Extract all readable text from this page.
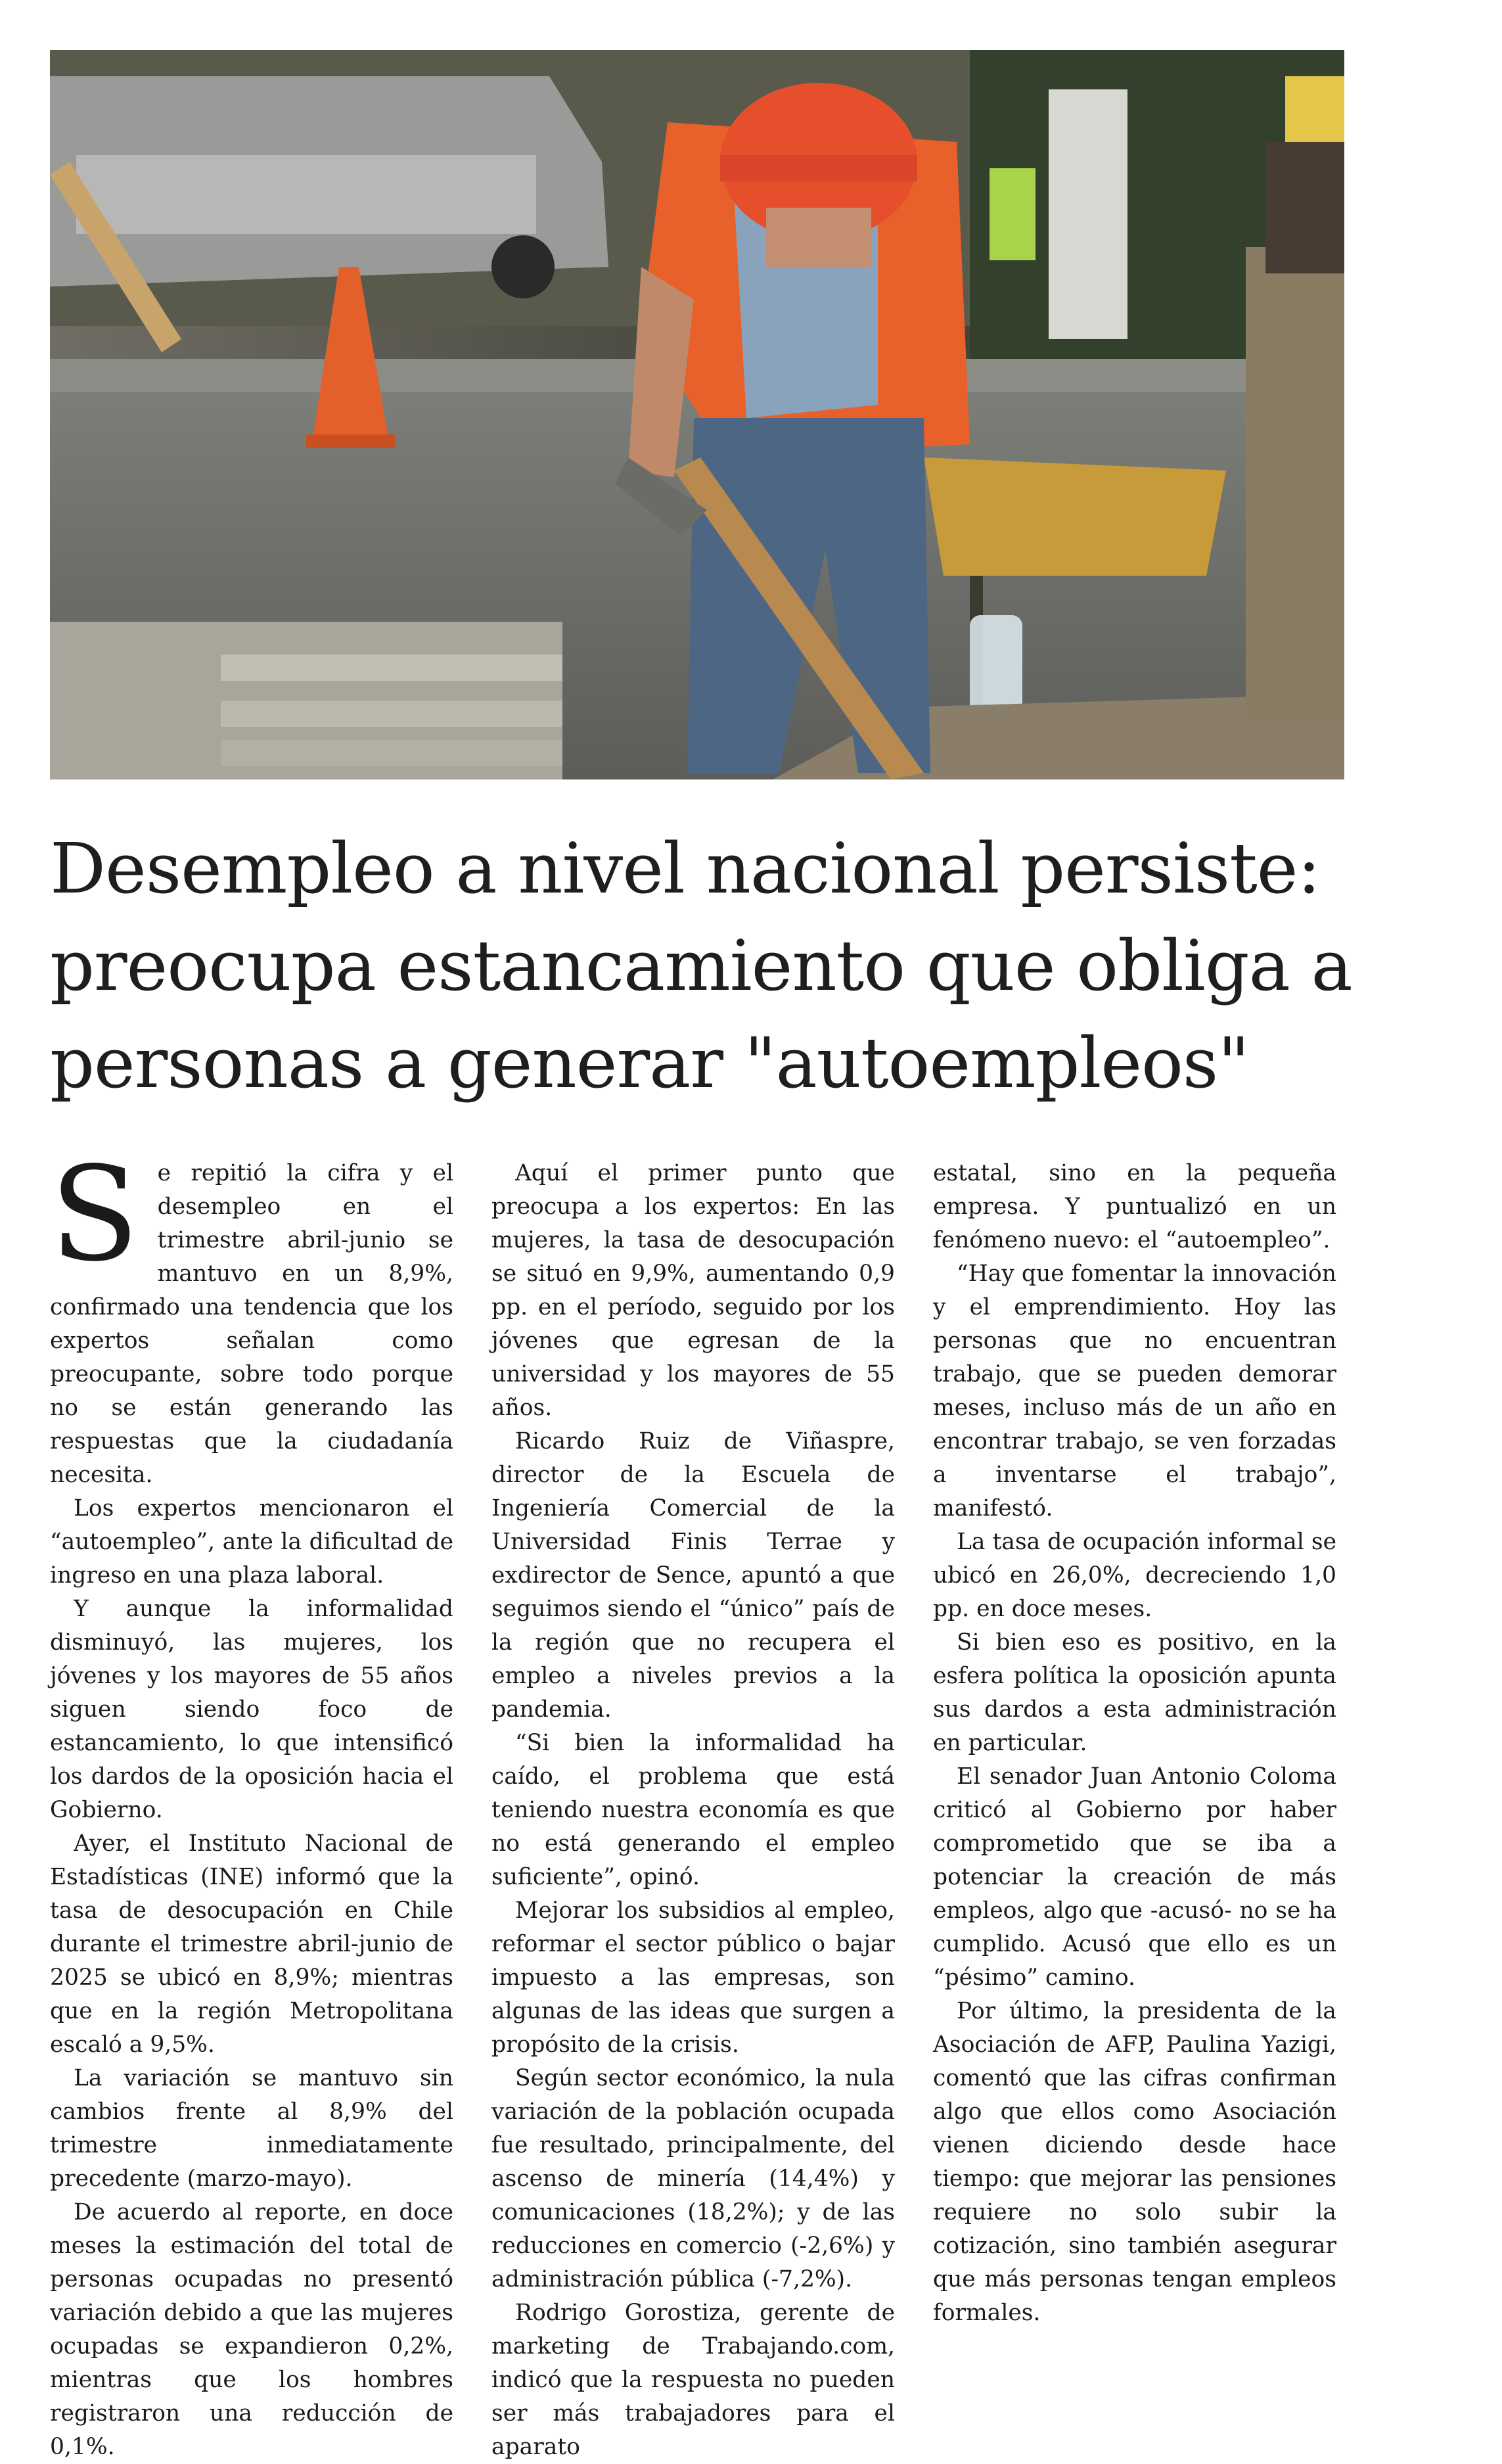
Desempleo a nivel nacional persiste: preocupa estancamiento que obliga a personas a generar "autoempleos"

Se repitió la cifra y el desempleo en el trimestre abril-junio se mantuvo en un 8,9%, confirmado una tendencia que los expertos señalan como preocupante, sobre todo porque no se están generando las respuestas que la ciudadanía necesita.

Los expertos mencionaron el “autoempleo”, ante la dificultad de ingreso en una plaza laboral.

Y aunque la informalidad disminuyó, las mujeres, los jóvenes y los mayores de 55 años siguen siendo foco de estancamiento, lo que intensificó los dardos de la oposición hacia el Gobierno.

Ayer, el Instituto Nacional de Estadísticas (INE) informó que la tasa de desocupación en Chile durante el trimestre abril-junio de 2025 se ubicó en 8,9%; mientras que en la región Metropolitana escaló a 9,5%.

La variación se mantuvo sin cambios frente al 8,9% del trimestre inmediatamente precedente (marzo-mayo).

De acuerdo al reporte, en doce meses la estimación del total de personas ocupadas no presentó variación debido a que las mujeres ocupadas se expandieron 0,2%, mientras que los hombres registraron una reducción de 0,1%.

Aquí el primer punto que preocupa a los expertos: En las mujeres, la tasa de desocupación se situó en 9,9%, aumentando 0,9 pp. en el período, seguido por los jóvenes que egresan de la universidad y los mayores de 55 años.

Ricardo Ruiz de Viñaspre, director de la Escuela de Ingeniería Comercial de la Universidad Finis Terrae y exdirector de Sence, apuntó a que seguimos siendo el “único” país de la región que no recupera el empleo a niveles previos a la pandemia.

“Si bien la informalidad ha caído, el problema que está teniendo nuestra economía es que no está generando el empleo suficiente”, opinó.

Mejorar los subsidios al empleo, reformar el sector público o bajar impuesto a las empresas, son algunas de las ideas que surgen a propósito de la crisis.

Según sector económico, la nula variación de la población ocupada fue resultado, principalmente, del ascenso de minería (14,4%) y comunicaciones (18,2%); y de las reducciones en comercio (-2,6%) y administración pública (-7,2%).

Rodrigo Gorostiza, gerente de marketing de Trabajando.com, indicó que la respuesta no pueden ser más trabajadores para el aparato

estatal, sino en la pequeña empresa. Y puntualizó en un fenómeno nuevo: el “autoempleo”.

“Hay que fomentar la innovación y el emprendimiento. Hoy las personas que no encuentran trabajo, que se pueden demorar meses, incluso más de un año en encontrar trabajo, se ven forzadas a inventarse el trabajo”, manifestó.

La tasa de ocupación informal se ubicó en 26,0%, decreciendo 1,0 pp. en doce meses.

Si bien eso es positivo, en la esfera política la oposición apunta sus dardos a esta administración en particular.

El senador Juan Antonio Coloma criticó al Gobierno por haber comprometido que se iba a potenciar la creación de más empleos, algo que -acusó- no se ha cumplido. Acusó que ello es un “pésimo” camino.

Por último, la presidenta de la Asociación de AFP, Paulina Yazigi, comentó que las cifras confirman algo que ellos como Asociación vienen diciendo desde hace tiempo: que mejorar las pensiones requiere no solo subir la cotización, sino también asegurar que más personas tengan empleos formales.
